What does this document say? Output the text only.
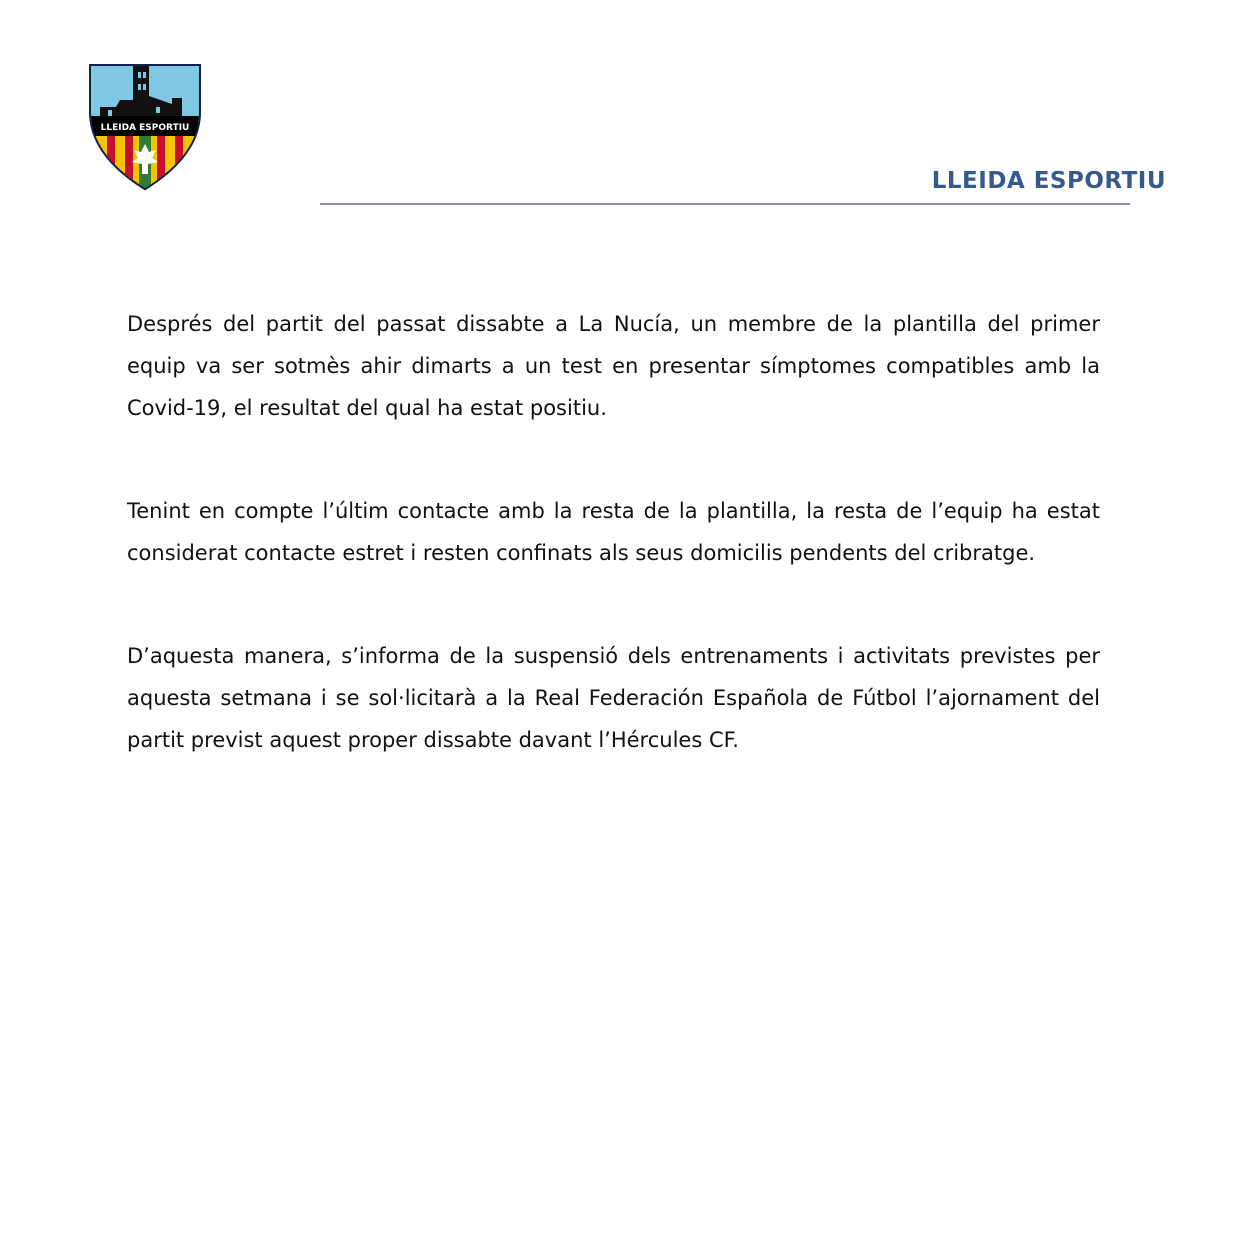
LLEIDA ESPORTIU
LLEIDA ESPORTIU

Després del partit del passat dissabte a La Nucía, un membre de la plantilla del primer equip va ser sotmès ahir dimarts a un test en presentar símptomes compatibles amb la Covid-19, el resultat del qual ha estat positiu.

Tenint en compte l’últim contacte amb la resta de la plantilla, la resta de l’equip ha estat considerat contacte estret i resten confinats als seus domicilis pendents del cribratge.

D’aquesta manera, s’informa de la suspensió dels entrenaments i activitats previstes per aquesta setmana i se sol·licitarà a la Real Federación Española de Fútbol l’ajornament del partit previst aquest proper dissabte davant l’Hércules CF.
